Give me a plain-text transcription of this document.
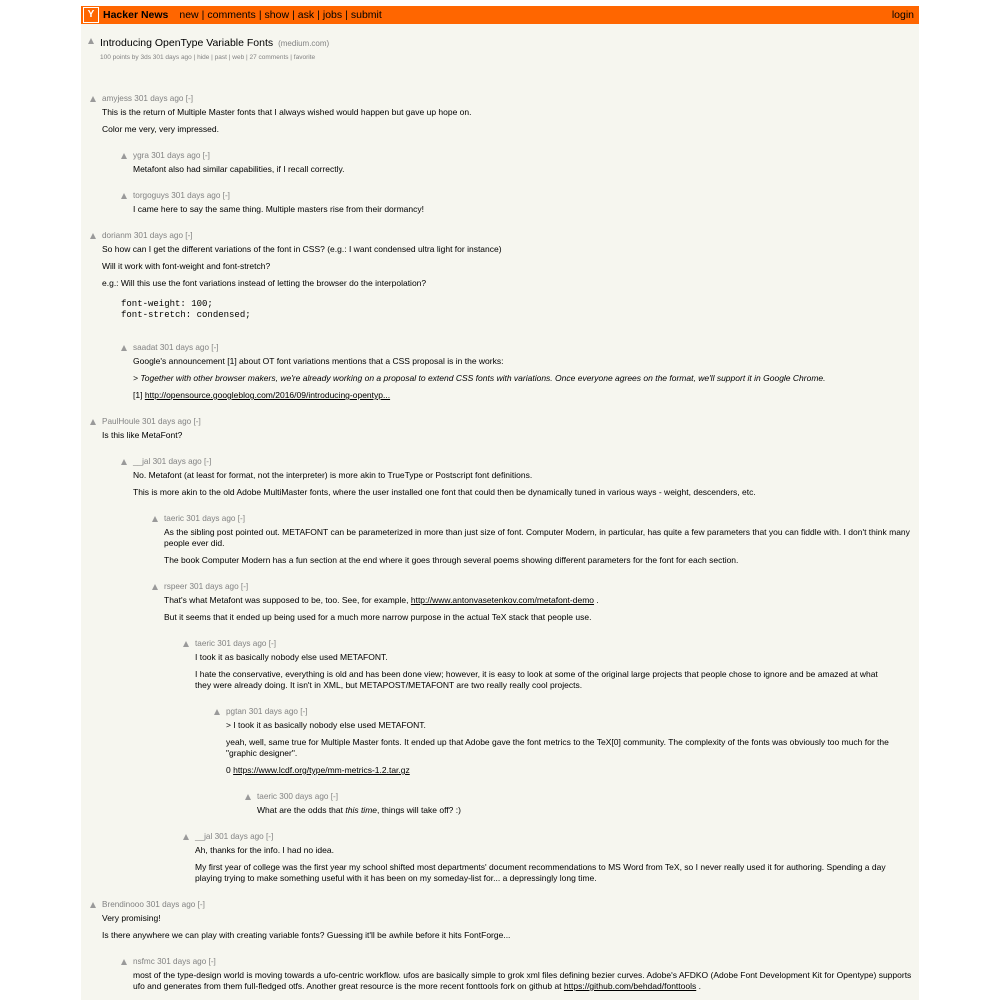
Y Hacker News new | comments | show | ask | jobs | submit	login
Introducing OpenType Variable Fonts (medium.com)
100 points by 3ds 301 days ago | hide | past | web | 27 comments | favorite
amyjess 301 days ago [-]

This is the return of Multiple Master fonts that I always wished would happen but gave up hope on.

Color me very, very impressed.

ygra 301 days ago [-]

Metafont also had similar capabilities, if I recall correctly.

torgoguys 301 days ago [-]

I came here to say the same thing. Multiple masters rise from their dormancy!

dorianm 301 days ago [-]

So how can I get the different variations of the font in CSS? (e.g.: I want condensed ultra light for instance)

Will it work with font-weight and font-stretch?

e.g.: Will this use the font variations instead of letting the browser do the interpolation?

font-weight: 100;
font-stretch: condensed;
saadat 301 days ago [-]

Google's announcement [1] about OT font variations mentions that a CSS proposal is in the works:

> Together with other browser makers, we're already working on a proposal to extend CSS fonts with variations. Once everyone agrees on the format, we'll support it in Google Chrome.

[1] http://opensource.googleblog.com/2016/09/introducing-opentyp...

PaulHoule 301 days ago [-]

Is this like MetaFont?

__jal 301 days ago [-]

No. Metafont (at least for format, not the interpreter) is more akin to TrueType or Postscript font definitions.

This is more akin to the old Adobe MultiMaster fonts, where the user installed one font that could then be dynamically tuned in various ways - weight, descenders, etc.

taeric 301 days ago [-]

As the sibling post pointed out. METAFONT can be parameterized in more than just size of font. Computer Modern, in particular, has quite a few parameters that you can fiddle with. I don't think many people ever did.

The book Computer Modern has a fun section at the end where it goes through several poems showing different parameters for the font for each section.

rspeer 301 days ago [-]

That's what Metafont was supposed to be, too. See, for example, http://www.antonvasetenkov.com/metafont-demo .

But it seems that it ended up being used for a much more narrow purpose in the actual TeX stack that people use.

taeric 301 days ago [-]

I took it as basically nobody else used METAFONT.

I hate the conservative, everything is old and has been done view; however, it is easy to look at some of the original large projects that people chose to ignore and be amazed at what they were already doing. It isn't in XML, but METAPOST/METAFONT are two really really cool projects.

pgtan 301 days ago [-]

> I took it as basically nobody else used METAFONT.

yeah, well, same true for Multiple Master fonts. It ended up that Adobe gave the font metrics to the TeX[0] community. The complexity of the fonts was obviously too much for the "graphic designer".

0 https://www.lcdf.org/type/mm-metrics-1.2.tar.gz

taeric 300 days ago [-]

What are the odds that this time, things will take off? :)

__jal 301 days ago [-]

Ah, thanks for the info. I had no idea.

My first year of college was the first year my school shifted most departments' document recommendations to MS Word from TeX, so I never really used it for authoring. Spending a day playing trying to make something useful with it has been on my someday-list for... a depressingly long time.

Brendinooo 301 days ago [-]

Very promising!

Is there anywhere we can play with creating variable fonts? Guessing it'll be awhile before it hits FontForge...

nsfmc 301 days ago [-]

most of the type-design world is moving towards a ufo-centric workflow. ufos are basically simple to grok xml files defining bezier curves. Adobe's AFDKO (Adobe Font Development Kit for Opentype) supports ufo and generates from them full-fledged otfs. Another great resource is the more recent fonttools fork on github at https://github.com/behdad/fonttools .
